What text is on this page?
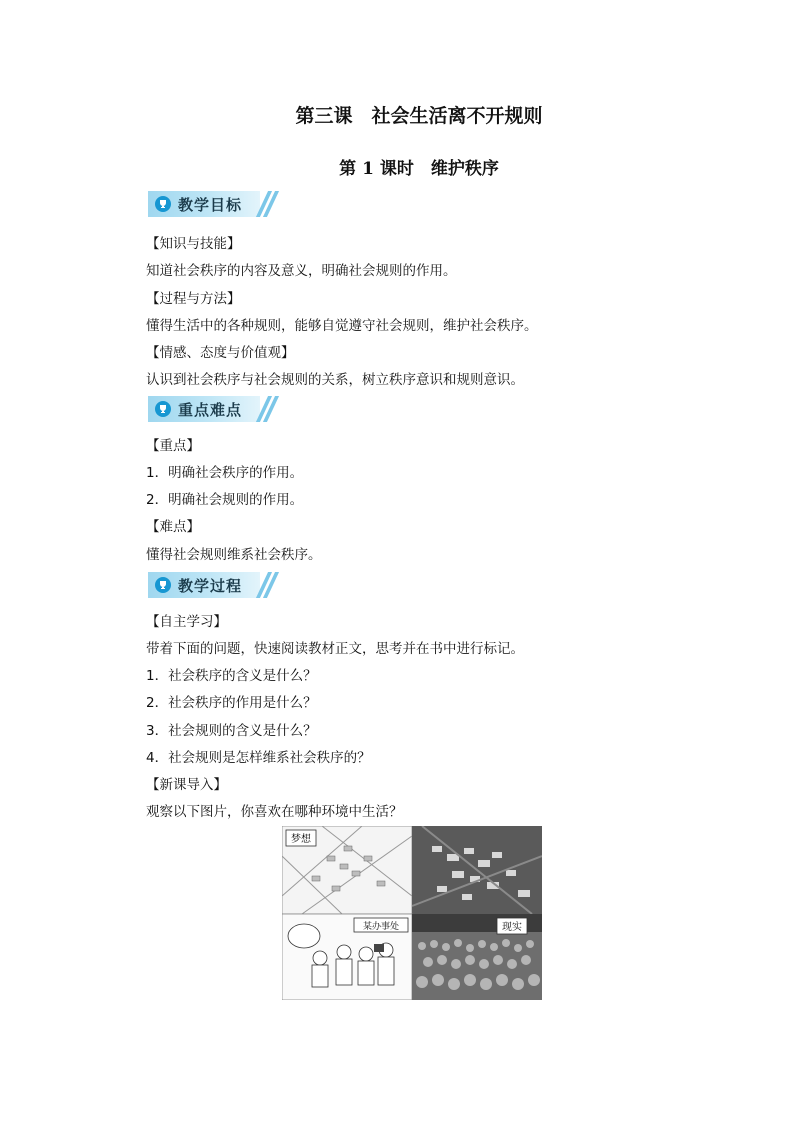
第三课　社会生活离不开规则
第 1 课时　维护秩序
教学目标
【知识与技能】
知道社会秩序的内容及意义，明确社会规则的作用。
【过程与方法】
懂得生活中的各种规则，能够自觉遵守社会规则，维护社会秩序。
【情感、态度与价值观】
认识到社会秩序与社会规则的关系，树立秩序意识和规则意识。
重点难点
【重点】
1．明确社会秩序的作用。
2．明确社会规则的作用。
【难点】
懂得社会规则维系社会秩序。
教学过程
【自主学习】
带着下面的问题，快速阅读教材正文，思考并在书中进行标记。
1．社会秩序的含义是什么？
2．社会秩序的作用是什么？
3．社会规则的含义是什么？
4．社会规则是怎样维系社会秩序的？
【新课导入】
观察以下图片，你喜欢在哪种环境中生活？
梦想
某办事处	现实
